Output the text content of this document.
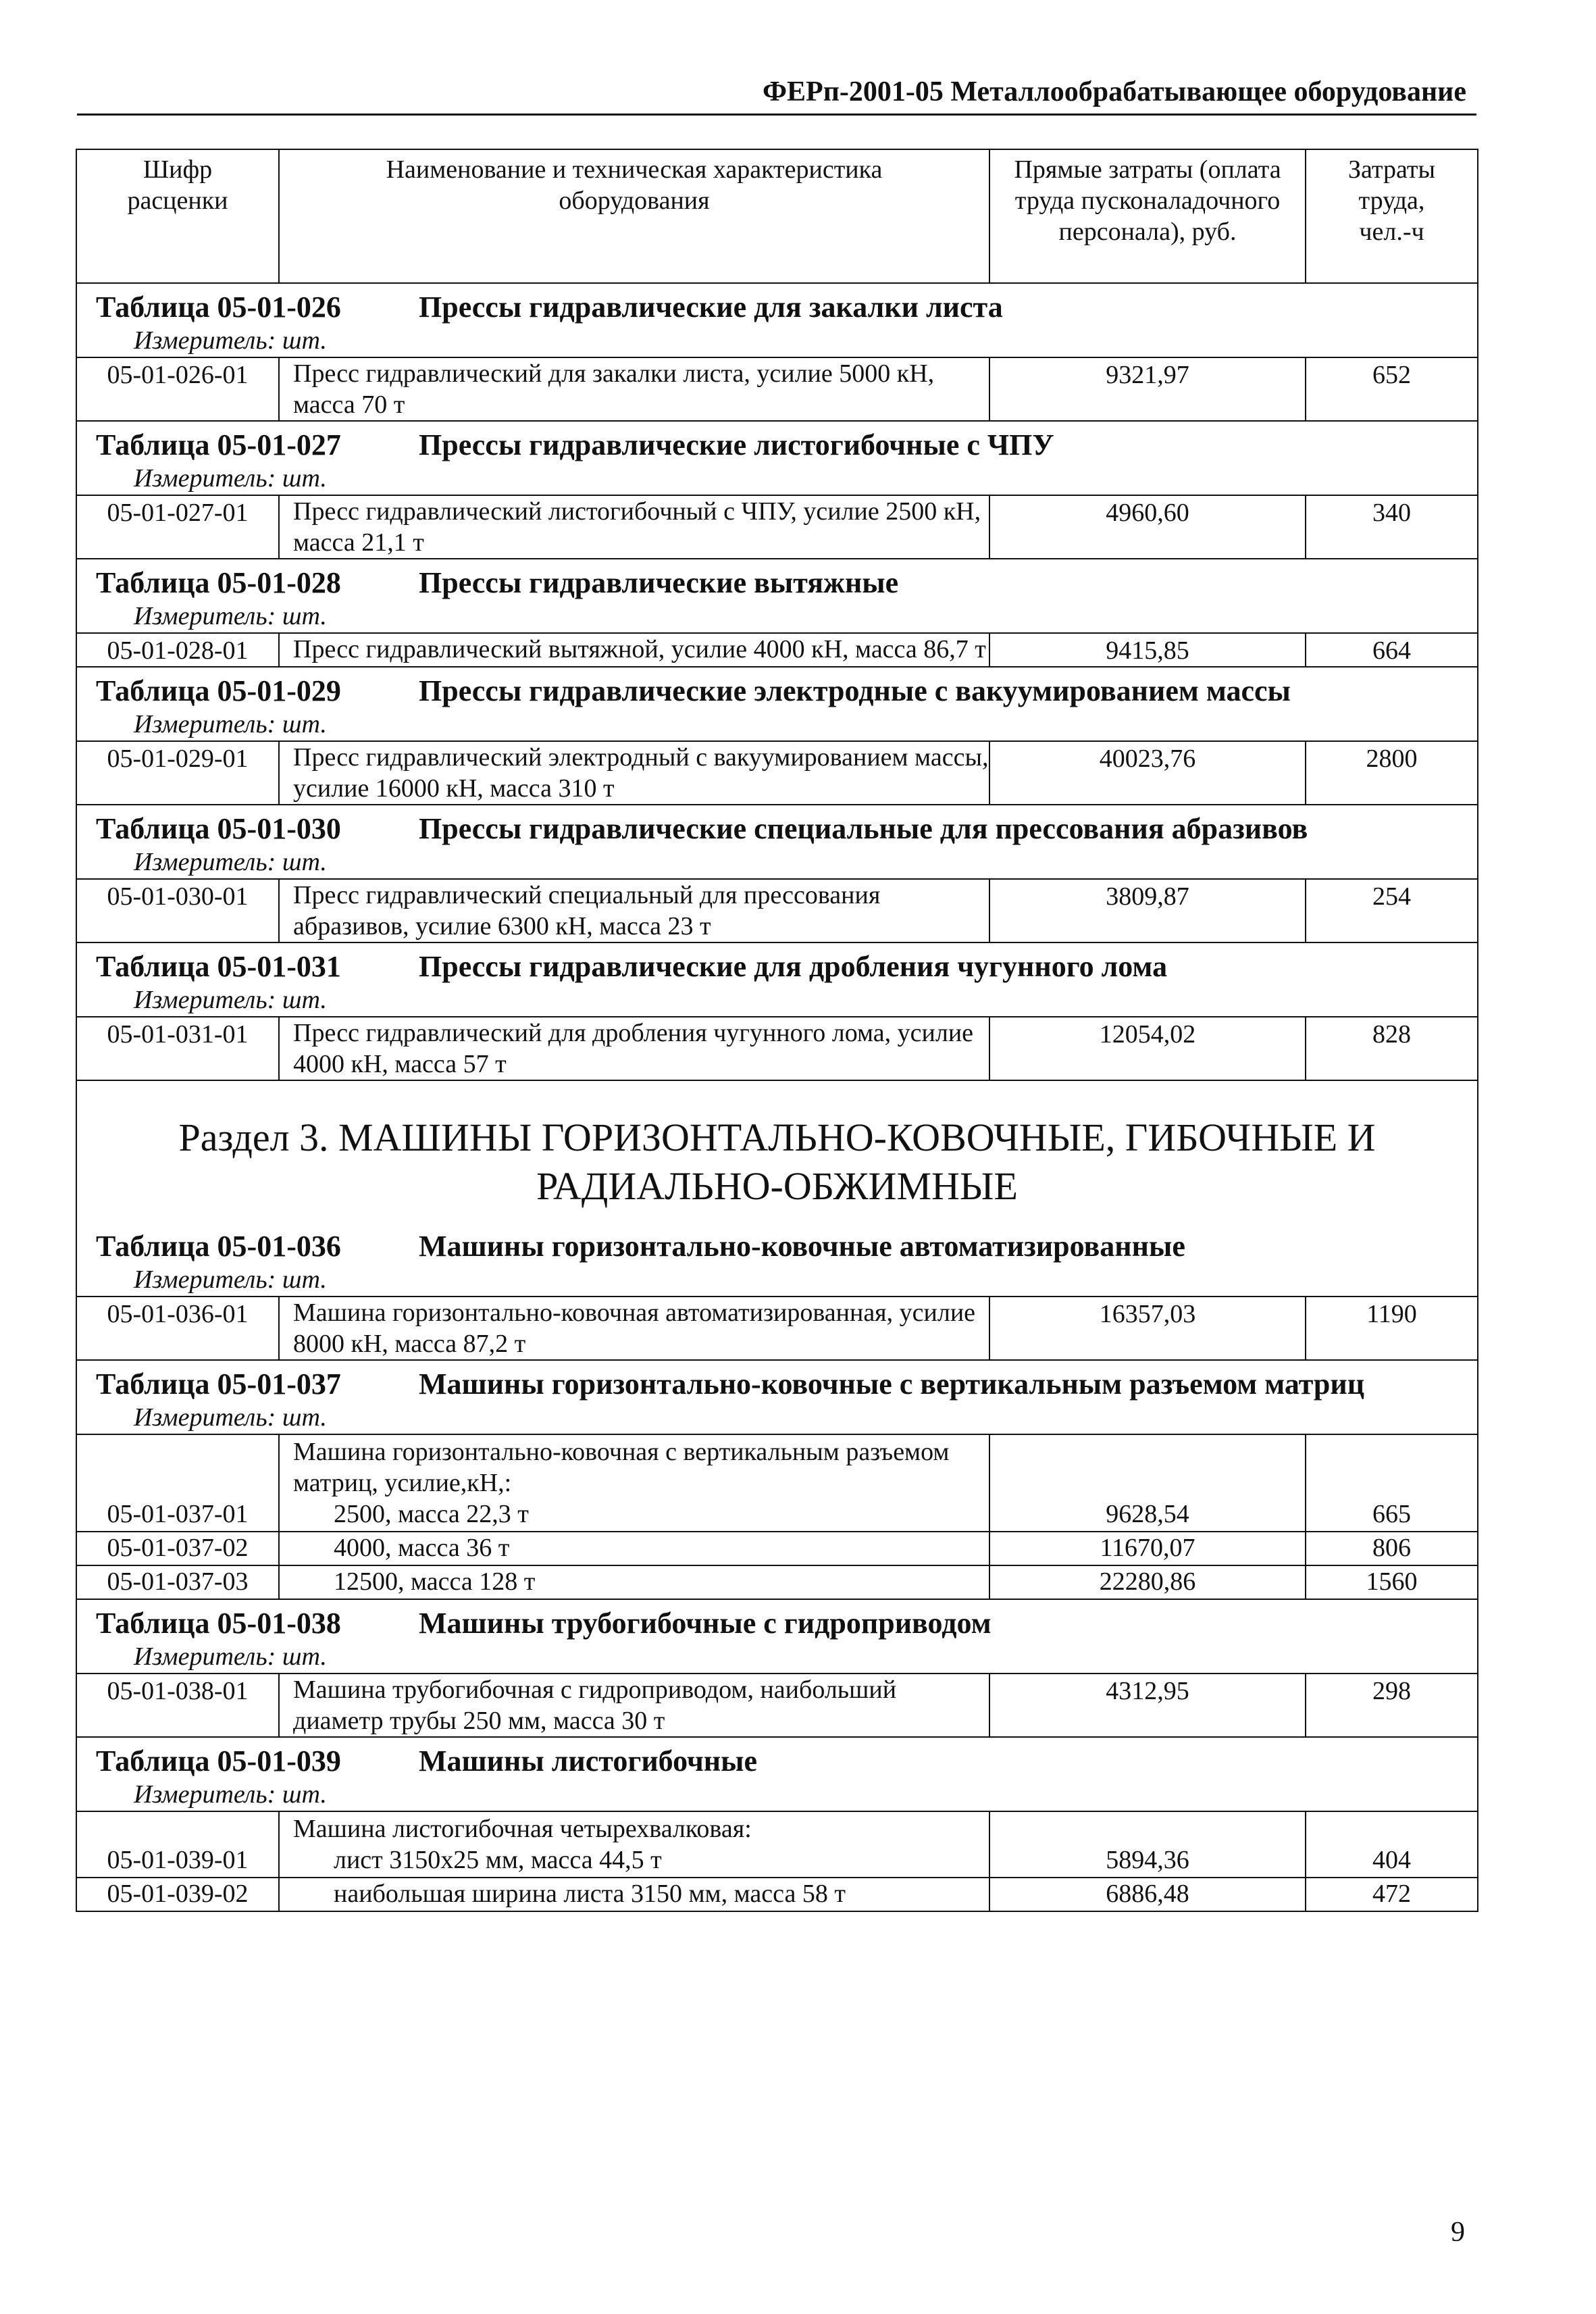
ФЕРп-2001-05 Металлообрабатывающее оборудование
Шифр расценки	Наименование и техническая характеристика оборудования	Прямые затраты (оплата труда пусконаладочного персонала), руб.	Затраты труда, чел.-ч

Таблица 05-01-026 Прессы гидравлические для закалки листа
Измеритель: шт.			

05-01-026-01	Пресс гидравлический для закалки листа, усилие 5000 кН, масса 70 т	9321,97	652

Таблица 05-01-027 Прессы гидравлические листогибочные с ЧПУ
Измеритель: шт.			

05-01-027-01	Пресс гидравлический листогибочный с ЧПУ, усилие 2500 кН, масса 21,1 т	4960,60	340

Таблица 05-01-028 Прессы гидравлические вытяжные
Измеритель: шт.			

05-01-028-01	Пресс гидравлический вытяжной, усилие 4000 кН, масса 86,7 т	9415,85	664

Таблица 05-01-029 Прессы гидравлические электродные с вакуумированием массы
Измеритель: шт.			

05-01-029-01	Пресс гидравлический электродный с вакуумированием массы, усилие 16000 кН, масса 310 т	40023,76	2800

Таблица 05-01-030 Прессы гидравлические специальные для прессования абразивов
Измеритель: шт.			

05-01-030-01	Пресс гидравлический специальный для прессования абразивов, усилие 6300 кН, масса 23 т	3809,87	254

Таблица 05-01-031 Прессы гидравлические для дробления чугунного лома
Измеритель: шт.			

05-01-031-01	Пресс гидравлический для дробления чугунного лома, усилие 4000 кН, масса 57 т	12054,02	828

Раздел 3. МАШИНЫ ГОРИЗОНТАЛЬНО-КОВОЧНЫЕ, ГИБОЧНЫЕ И РАДИАЛЬНО-ОБЖИМНЫЕ			

Таблица 05-01-036 Машины горизонтально-ковочные автоматизированные
Измеритель: шт.			

05-01-036-01	Машина горизонтально-ковочная автоматизированная, усилие 8000 кН, масса 87,2 т	16357,03	1190

Таблица 05-01-037 Машины горизонтально-ковочные с вертикальным разъемом матриц
Измеритель: шт.			

	Машина горизонтально-ковочная с вертикальным разъемом матриц, усилие,кН,:		
05-01-037-01	2500, масса 22,3 т	9628,54	665
05-01-037-02	4000, масса 36 т	11670,07	806
05-01-037-03	12500, масса 128 т	22280,86	1560

Таблица 05-01-038 Машины трубогибочные с гидроприводом
Измеритель: шт.			

05-01-038-01	Машина трубогибочная с гидроприводом, наибольший диаметр трубы 250 мм, масса 30 т	4312,95	298

Таблица 05-01-039 Машины листогибочные
Измеритель: шт.			

	Машина листогибочная четырехвалковая:		
05-01-039-01	лист 3150х25 мм, масса 44,5 т	5894,36	404
05-01-039-02	наибольшая ширина листа 3150 мм, масса 58 т	6886,48	472
9
